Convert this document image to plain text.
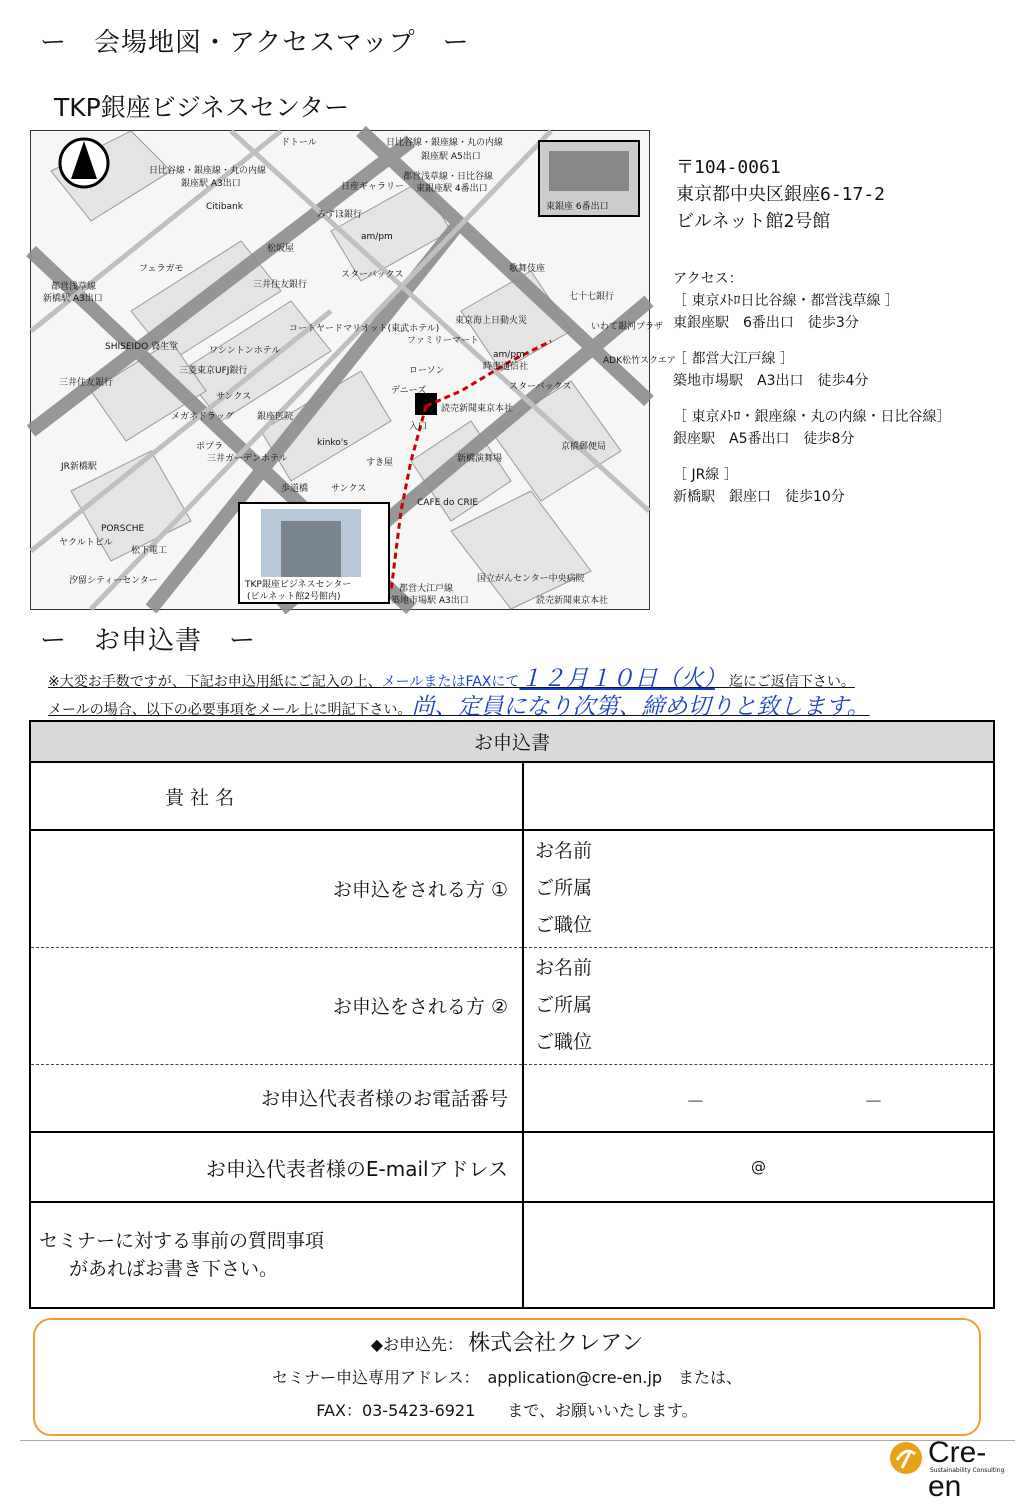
ー　会場地図・アクセスマップ　ー
TKP銀座ビジネスセンター
ドトール	日比谷線・銀座線・丸の内線
銀座駅 A5出口
日比谷線・銀座線・丸の内線
銀座駅 A3出口	日産ギャラリー
都営浅草線・日比谷線
東銀座駅 4番出口
Citibank
みずほ銀行
am/pm
東銀座 6番出口
フェラガモ
松坂屋
都営浅草線
新橋駅 A3出口
三井住友銀行
スターバックス
歌舞伎座
七十七銀行
SHISEIDO 資生堂	ワシントンホテル
コートヤードマリオット(東武ホテル)
東京海上日動火災
いわて銀河プラザ
三菱東京UFJ銀行
ファミリーマート
am/pm
時事通信社
ADK松竹スクエア
三井住友銀行
サンクス
ローソン
デニーズ	スターバックス
メガネドラッグ	銀座医院
読売新聞東京本社
入口
ポプラ
三井ガーデンホテル
kinko's
すき屋
京橋郵便局
新橋演舞場
JR新橋駅
歩道橋	サンクス
CAFE do CRIE
PORSCHE
ヤクルトビル
松下電工
汐留シティーセンター	TKP銀座ビジネスセンター
(ビルネット館2号館内)
都営大江戸線
築地市場駅 A3出口
国立がんセンター中央病院
読売新聞東京本社
〒104-0061
東京都中央区銀座6-17-2
ビルネット館2号館

アクセス：

［ 東京ﾒﾄﾛ日比谷線・都営浅草線 ］

東銀座駅　6番出口　徒歩3分

［ 都営大江戸線 ］

築地市場駅　A3出口　徒歩4分

［ 東京ﾒﾄﾛ・銀座線・丸の内線・日比谷線］

銀座駅　A5番出口　徒歩8分

［ JR線 ］

新橋駅　銀座口　徒歩10分

ー　お申込書　ー
※大変お手数ですが、下記お申込用紙にご記入の上、メールまたはFAXにて１２月１０日（火）　 迄にご返信下さい。
メールの場合、以下の必要事項をメール上に明記下さい。尚、定員になり次第、締め切りと致します。
お申込書	
貴 社 名	
お申込をされる方 ①	お名前
ご所属
ご職位

お申込をされる方 ②	お名前
ご所属
ご職位

お申込代表者様のお電話番号	－ －

お申込代表者様のE-mailアドレス	@

セミナーに対する事前の質問事項
があればお書き下さい。	

◆お申込先： 株式会社クレアン
セミナー申込専用アドレス：　application@cre-en.jp　または、
FAX：03-5423-6921　　まで、お願いいたします。
Cre-en
Sustainability Consulting
